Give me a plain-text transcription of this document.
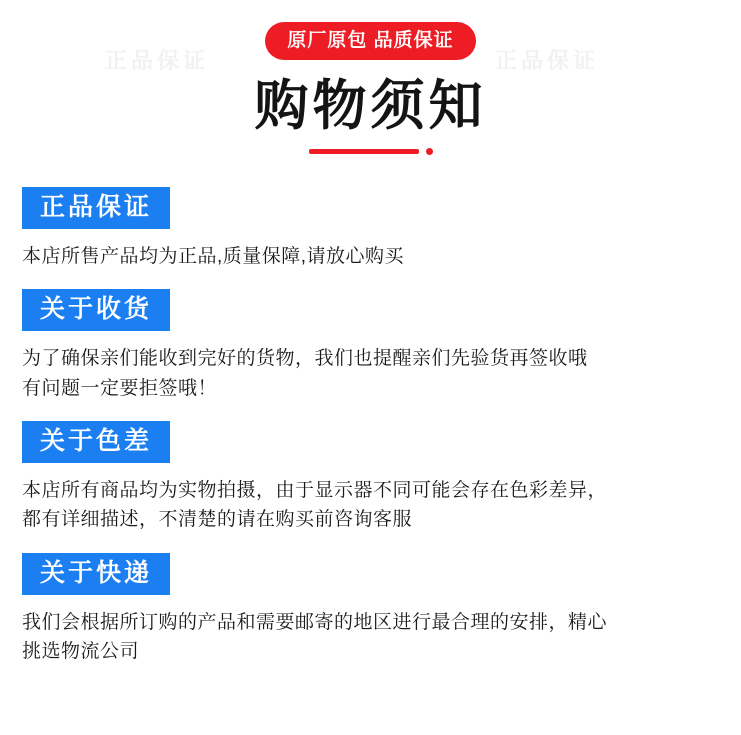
正品保证	正品保证
原厂原包 品质保证
购物须知
正品保证
本店所售产品均为正品,质量保障,请放心购买
关于收货
为了确保亲们能收到完好的货物，我们也提醒亲们先验货再签收哦
有问题一定要拒签哦！
关于色差
本店所有商品均为实物拍摄，由于显示器不同可能会存在色彩差异，
都有详细描述，不清楚的请在购买前咨询客服
关于快递
我们会根据所订购的产品和需要邮寄的地区进行最合理的安排，精心
挑选物流公司
